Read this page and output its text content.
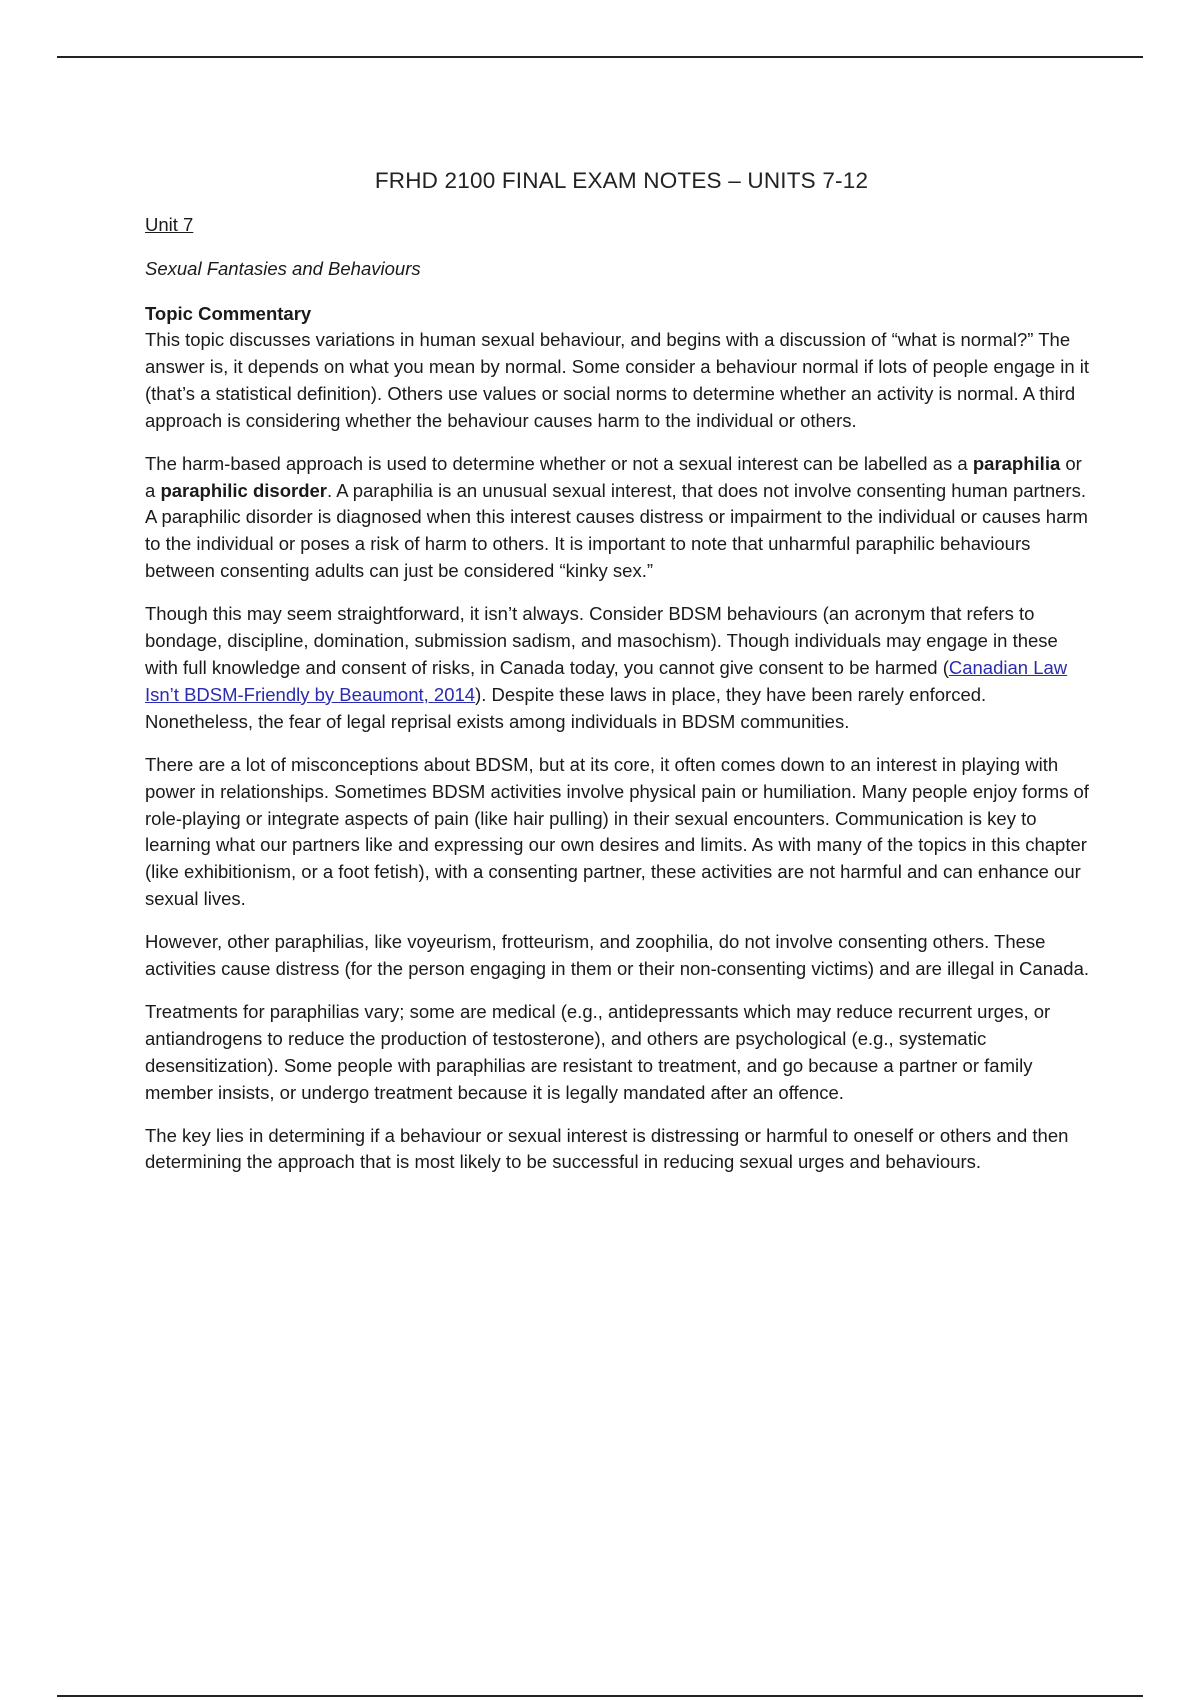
FRHD 2100 FINAL EXAM NOTES – UNITS 7-12
Unit 7
Sexual Fantasies and Behaviours
Topic Commentary

This topic discusses variations in human sexual behaviour, and begins with a discussion of “what is normal?” The answer is, it depends on what you mean by normal. Some consider a behaviour normal if lots of people engage in it (that’s a statistical definition). Others use values or social norms to determine whether an activity is normal. A third approach is considering whether the behaviour causes harm to the individual or others.

The harm-based approach is used to determine whether or not a sexual interest can be labelled as a paraphilia or a paraphilic disorder. A paraphilia is an unusual sexual interest, that does not involve consenting human partners. A paraphilic disorder is diagnosed when this interest causes distress or impairment to the individual or causes harm to the individual or poses a risk of harm to others. It is important to note that unharmful paraphilic behaviours between consenting adults can just be considered “kinky sex.”

Though this may seem straightforward, it isn’t always. Consider BDSM behaviours (an acronym that refers to bondage, discipline, domination, submission sadism, and masochism). Though individuals may engage in these with full knowledge and consent of risks, in Canada today, you cannot give consent to be harmed (Canadian Law Isn’t BDSM-Friendly by Beaumont, 2014). Despite these laws in place, they have been rarely enforced. Nonetheless, the fear of legal reprisal exists among individuals in BDSM communities.

There are a lot of misconceptions about BDSM, but at its core, it often comes down to an interest in playing with power in relationships. Sometimes BDSM activities involve physical pain or humiliation. Many people enjoy forms of role-playing or integrate aspects of pain (like hair pulling) in their sexual encounters. Communication is key to learning what our partners like and expressing our own desires and limits. As with many of the topics in this chapter (like exhibitionism, or a foot fetish), with a consenting partner, these activities are not harmful and can enhance our sexual lives.

However, other paraphilias, like voyeurism, frotteurism, and zoophilia, do not involve consenting others. These activities cause distress (for the person engaging in them or their non-consenting victims) and are illegal in Canada.

Treatments for paraphilias vary; some are medical (e.g., antidepressants which may reduce recurrent urges, or antiandrogens to reduce the production of testosterone), and others are psychological (e.g., systematic desensitization). Some people with paraphilias are resistant to treatment, and go because a partner or family member insists, or undergo treatment because it is legally mandated after an offence.

The key lies in determining if a behaviour or sexual interest is distressing or harmful to oneself or others and then determining the approach that is most likely to be successful in reducing sexual urges and behaviours.
